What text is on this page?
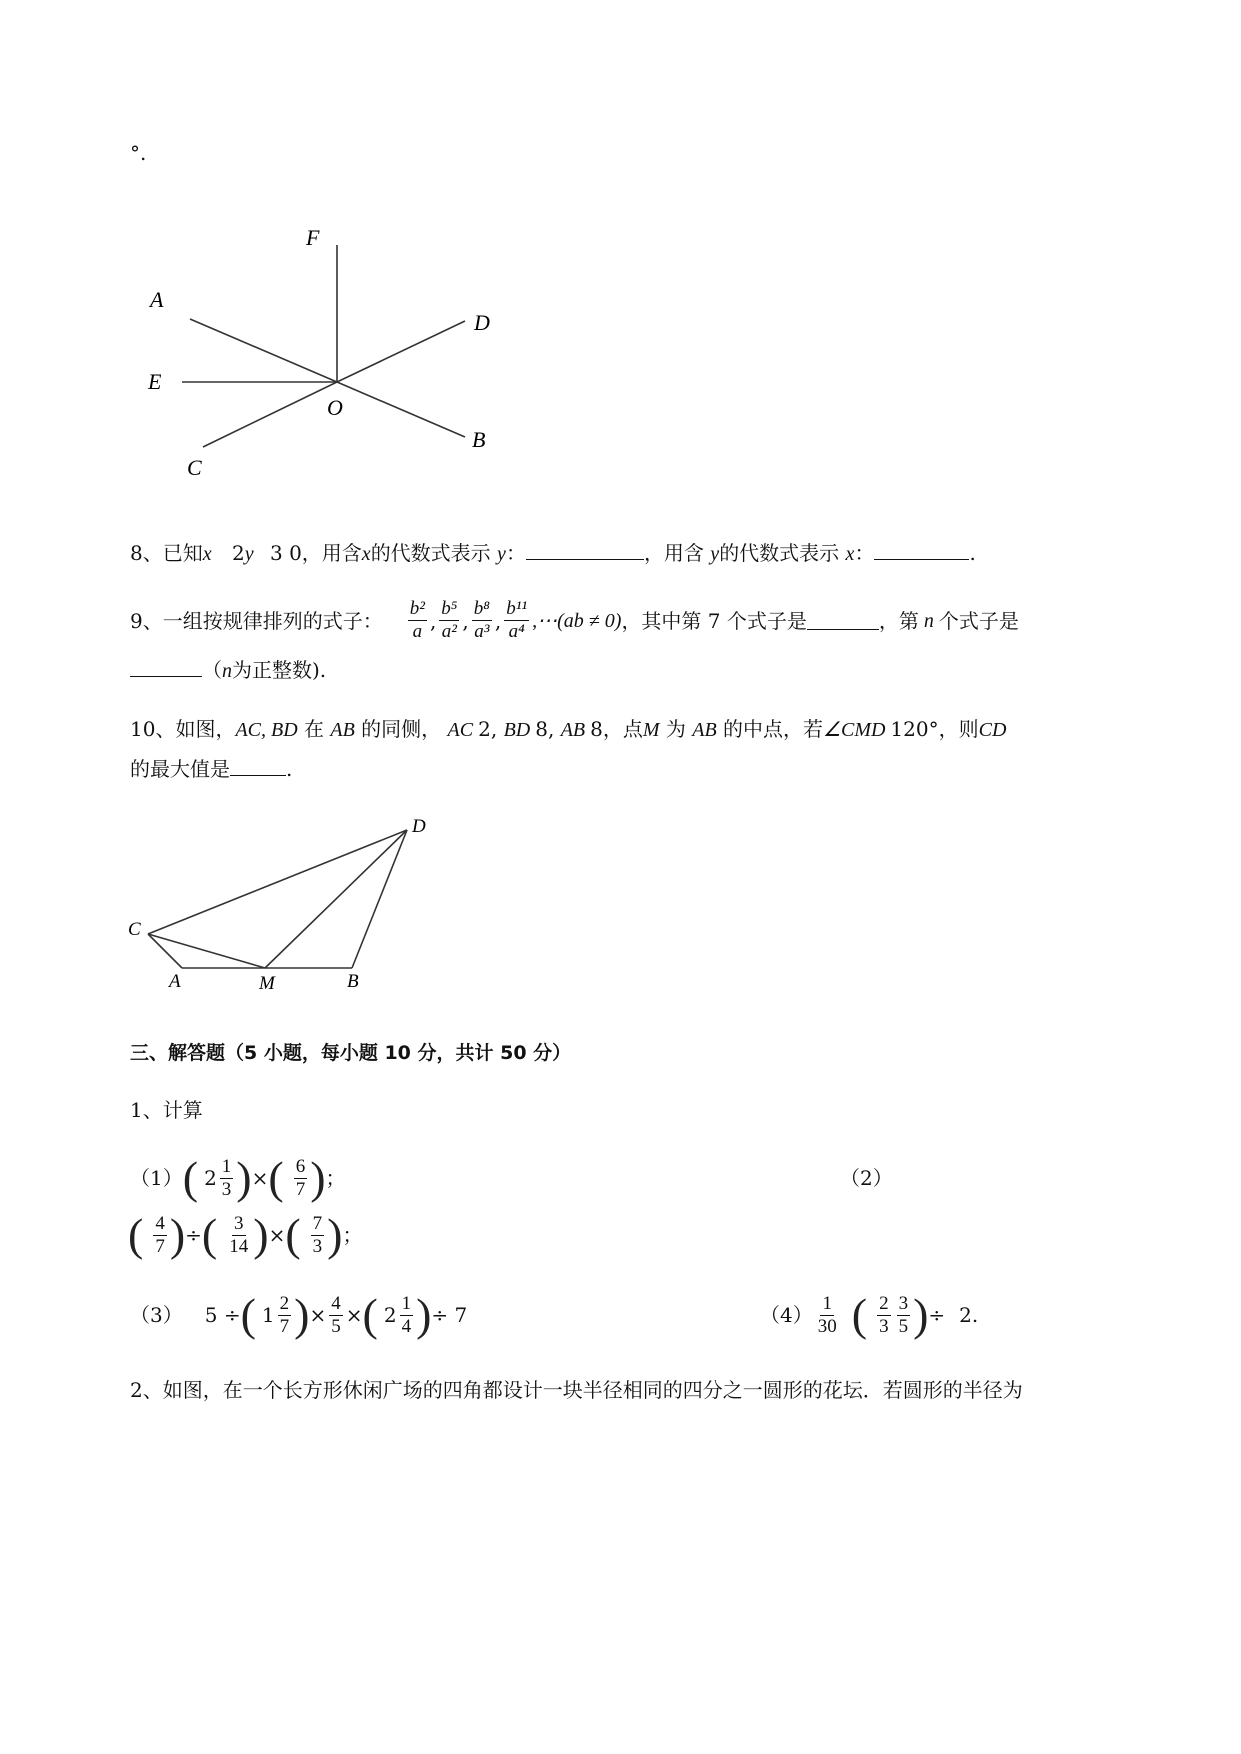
°.
F
A
D
E
O
B
C
8、已知x 2y 3 0，用含x的代数式表示 y：	，用含 y的代数式表示 x：	.
9、一组按规律排列的式子： $\frac{\text{b²}}{a}$ , $\frac{\text{b⁵}}{\text{a²}}$ , $\frac{\text{b⁸}}{\text{a³}}$ , $\frac{\text{b¹¹}}{\text{a⁴}}$ ,⋯(ab ≠ 0) ，其中第 7 个式子是	，第 n 个式子是
（n为正整数).
10、如图，AC, BD 在 AB 的同侧， AC 2, BD 8, AB 8，点M 为 AB 的中点，若∠CMD 120°，则CD
的最大值是	.
D
C
A	M	B
三、解答题（5 小题，每小题 10 分，共计 50 分）
1、计算
（1） ( $2 \frac{1}{3}$ ) × ( $\frac{6}{7}$ ) ；	（2）
( $\frac{4}{7}$ ) ÷ ( $\frac{3}{14}$ ) × ( $\frac{7}{3}$ ) ；
（3） 5 ÷ ( $1 \frac{2}{7}$ ) × $\frac{4}{5}$ × ( $2 \frac{1}{4}$ ) ÷ 7	$(4) \frac{1}{30}$ ( $\frac{2}{3} \frac{3}{5}$ ) ÷ 2.
2、如图，在一个长方形休闲广场的四角都设计一块半径相同的四分之一圆形的花坛．若圆形的半径为
